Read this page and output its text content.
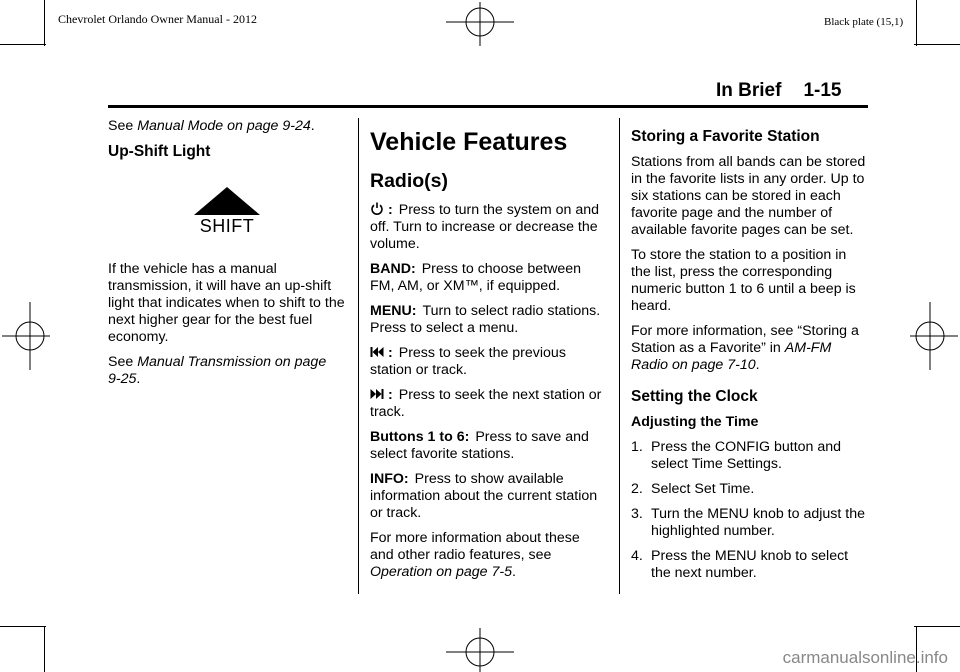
Chevrolet Orlando Owner Manual - 2012	Black plate (15,1)
In Brief 1-15

See Manual Mode on page 9‑24.

Up-Shift Light
SHIFT

If the vehicle has a manual transmission, it will have an up-shift light that indicates when to shift to the next higher gear for the best fuel economy.

See Manual Transmission on page 9‑25.

Vehicle Features
Radio(s)

: Press to turn the system on and off. Turn to increase or decrease the volume.

BAND: Press to choose between FM, AM, or XM™, if equipped.

MENU: Turn to select radio stations. Press to select a menu.

: Press to seek the previous station or track.

: Press to seek the next station or track.

Buttons 1 to 6: Press to save and select favorite stations.

INFO: Press to show available information about the current station or track.

For more information about these and other radio features, see Operation on page 7‑5.

Storing a Favorite Station

Stations from all bands can be stored in the favorite lists in any order. Up to six stations can be stored in each favorite page and the number of available favorite pages can be set.

To store the station to a position in the list, press the corresponding numeric button 1 to 6 until a beep is heard.

For more information, see “Storing a Station as a Favorite” in AM-FM Radio on page 7‑10.

Setting the Clock
Adjusting the Time
1. Press the CONFIG button and select Time Settings.
2. Select Set Time.
3. Turn the MENU knob to adjust the highlighted number.
4. Press the MENU knob to select the next number.
carmanualsonline.info
